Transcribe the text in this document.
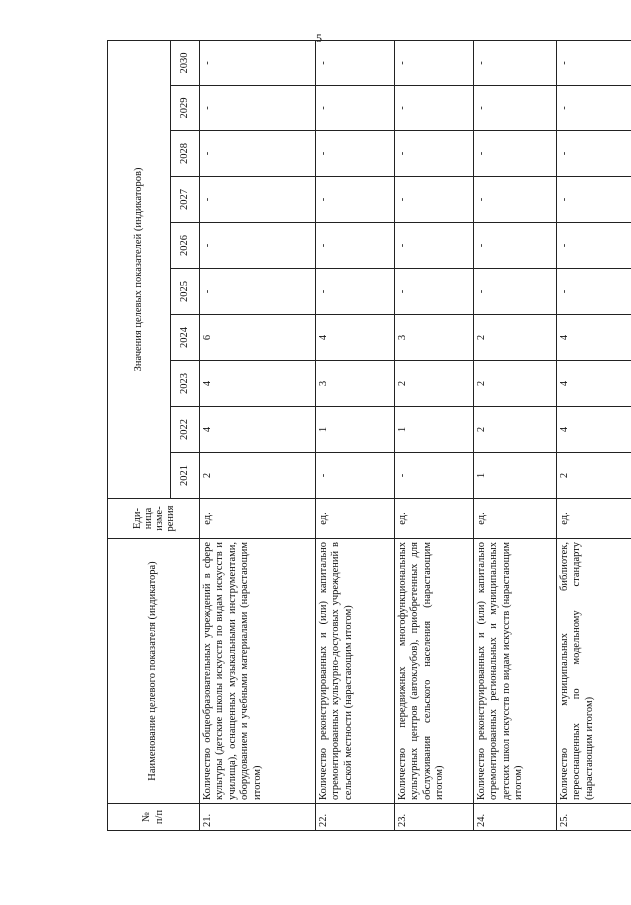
5
№ п/п	Наименование целевого показателя (индикатора)	Еди-
ница
изме-
рения	Значения целевых показателей (индикаторов)									
			2021	2022	2023	2024	2025	2026	2027	2028	2029	2030
21.	Количество общеобразовательных учреждений в сфере культуры (детские школы искусств по видам искусств и училища), оснащенных музыкальными инструментами, оборудованием и учебными материалами (нарастающим итогом)	ед.	2	4	4	6	-	-	-	-	-	-
22.	Количество реконструированных и (или) капитально отремонтированных культурно-досуговых учреждений в сельской местности (нарастающим итогом)	ед.	-	1	3	4	-	-	-	-	-	-
23.	Количество передвижных многофункциональных культурных центров (автоклубов), приобретенных для обслуживания сельского населения (нарастающим итогом)	ед.	-	1	2	3	-	-	-	-	-	-
24.	Количество реконструированных и (или) капитально отремонтированных региональных и муниципальных детских школ искусств по видам искусств (нарастающим итогом)	ед.	1	2	2	2	-	-	-	-	-	-
25.	Количество муниципальных библиотек, переоснащенных по модельному стандарту (нарастающим итогом)	ед.	2	4	4	4	-	-	-	-	-	-
